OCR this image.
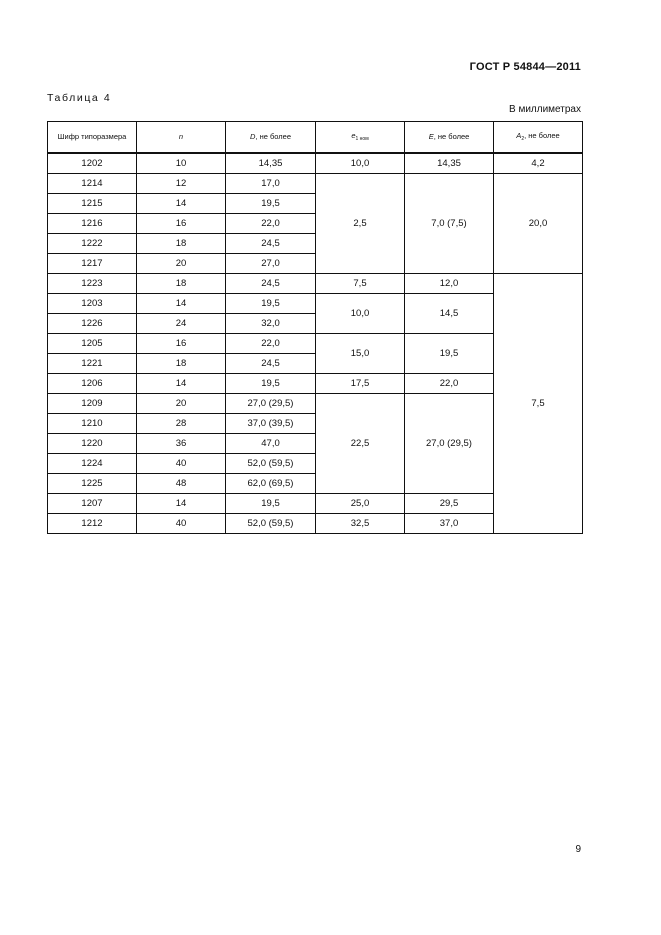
ГОСТ Р 54844—2011
Таблица 4
В миллиметрах
Шифр типоразмера	n	D, не более	$e_{1 ном}$	E, не более	$A_2$, не более
1202	10	14,35	10,0	14,35	4,2
1214	12	17,0	2,5	7,0 (7,5)	20,0
1215	14	19,5			
1216	16	22,0			
1222	18	24,5			
1217	20	27,0			
1223	18	24,5	7,5	12,0	7,5
1203	14	19,5	10,0	14,5	
1226	24	32,0			
1205	16	22,0	15,0	19,5	
1221	18	24,5			
1206	14	19,5	17,5	22,0	
1209	20	27,0 (29,5)	22,5	27,0 (29,5)	
1210	28	37,0 (39,5)			
1220	36	47,0			
1224	40	52,0 (59,5)			
1225	48	62,0 (69,5)			
1207	14	19,5	25,0	29,5	
1212	40	52,0 (59,5)	32,5	37,0	
9
